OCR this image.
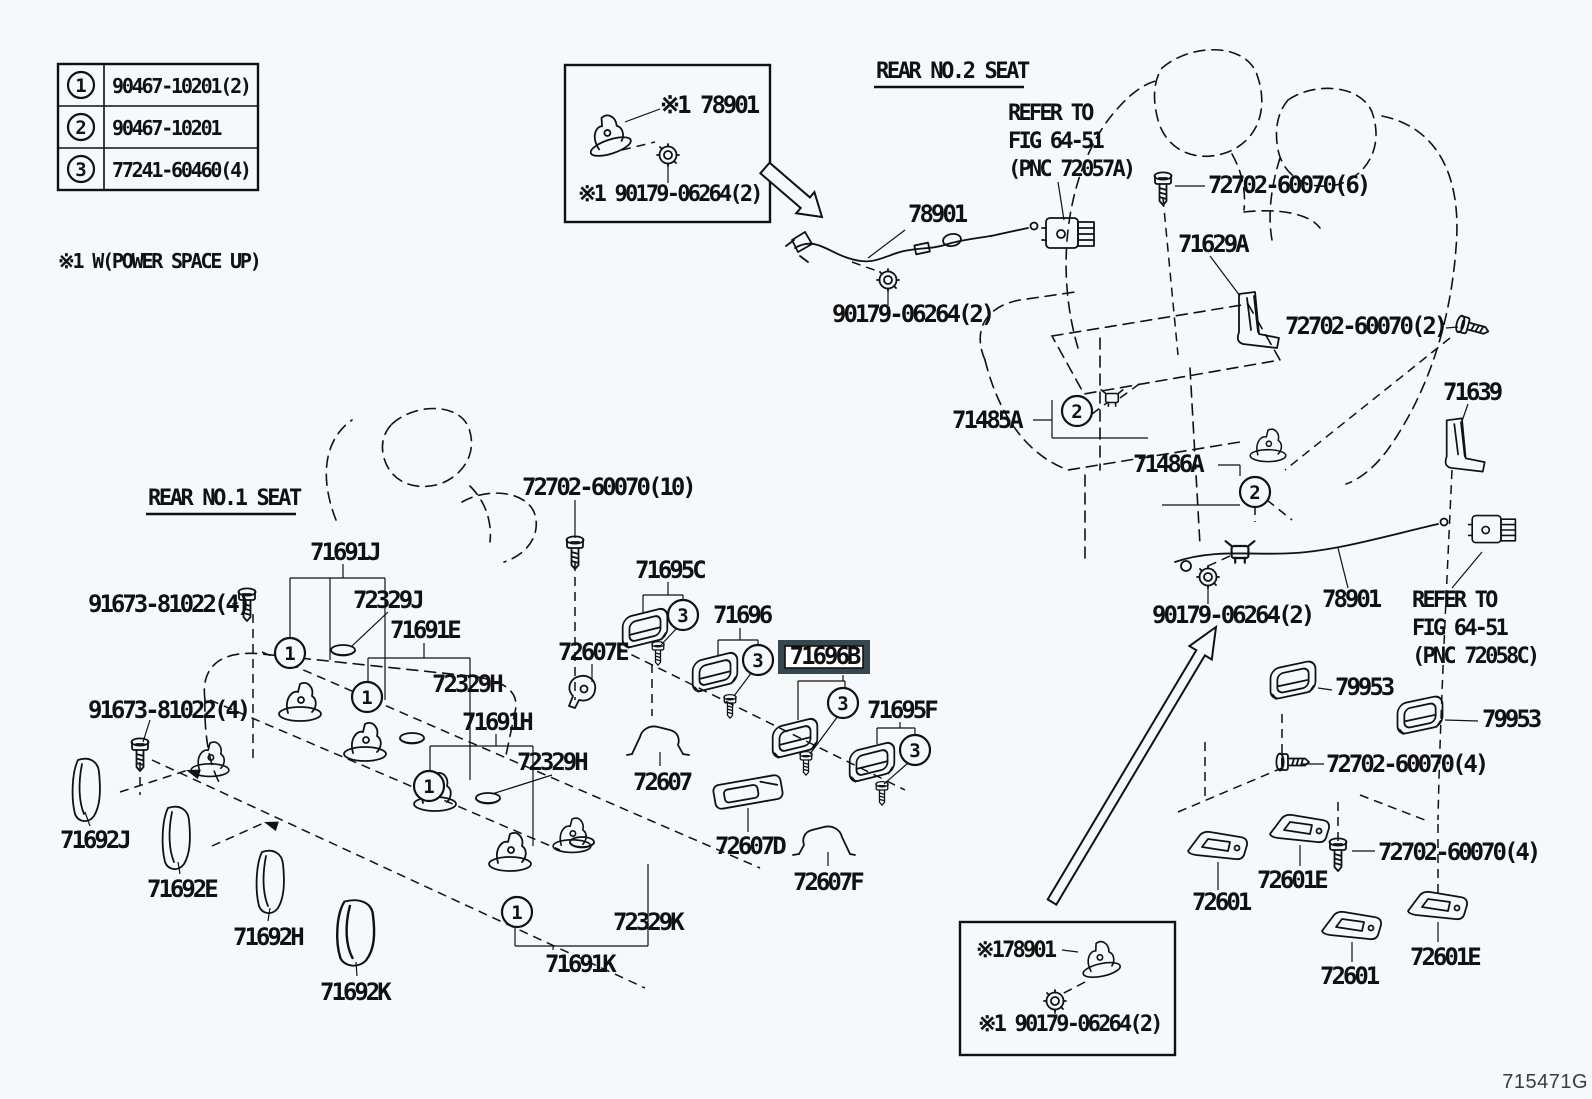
1
2
3
90467-10201(2)
90467-10201
77241-60460(4)
※1 W(POWER SPACE UP)
※1 78901
※1 90179-06264(2)
※178901
※1 90179-06264(2)
REAR NO.2 SEAT
REAR NO.1 SEAT
REFER TO
FIG 64-51
(PNC 72057A)
REFER TO
FIG 64-51
(PNC 72058C)
1
1
1
1
2
2
3
3
3
3
71696B
78901
90179-06264(2)
72702-60070(6)
71629A
72702-60070(2)
71639
71485A
71486A
90179-06264(2)
78901
79953
79953
72702-60070(4)
72702-60070(4)
72601
72601E
72601
72601E
91673-81022(4)
91673-81022(4)
72702-60070(10)
71691J
72329J
71691E
72329H
71691H
72329H
72607
72329K
71691K
71692J
71692E
71692H
71692K
71695C
72607E
71696
71695F
72607D
72607F
715471G
